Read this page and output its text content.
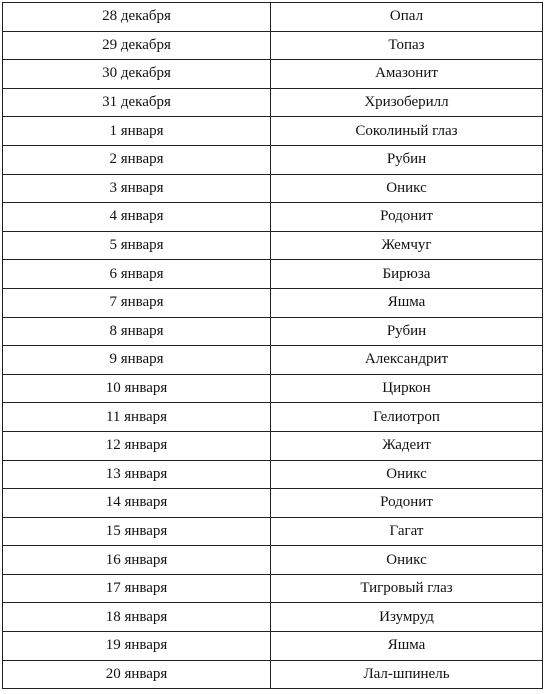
28 декабря	Опал
29 декабря	Топаз
30 декабря	Амазонит
31 декабря	Хризоберилл
1 января	Соколиный глаз
2 января	Рубин
3 января	Оникс
4 января	Родонит
5 января	Жемчуг
6 января	Бирюза
7 января	Яшма
8 января	Рубин
9 января	Александрит
10 января	Циркон
11 января	Гелиотроп
12 января	Жадеит
13 января	Оникс
14 января	Родонит
15 января	Гагат
16 января	Оникс
17 января	Тигровый глаз
18 января	Изумруд
19 января	Яшма
20 января	Лал-шпинель
